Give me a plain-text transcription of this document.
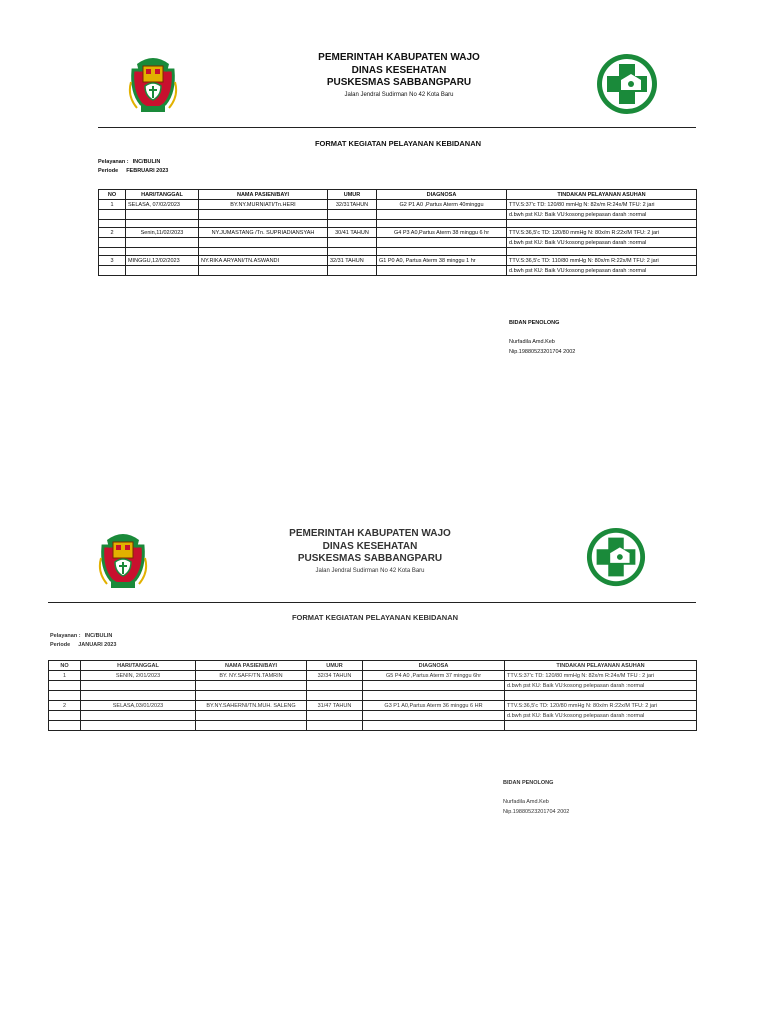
PEMERINTAH KABUPATEN WAJO
DINAS KESEHATAN
PUSKESMAS SABBANGPARU
Jalan Jendral Sudirman No 42 Kota Baru
FORMAT KEGIATAN PELAYANAN KEBIDANAN
Pelayanan : INC/BULIN
Periode FEBRUARI 2023
NO	HARI/TANGGAL	NAMA PASIEN/BAYI	UMUR	DIAGNOSA	TINDAKAN PELAYANAN ASUHAN
1	SELASA, 07/02/2023	BY.NY.MURNIATI/Tn.HERI	32/31TAHUN	G2 P1 A0 ,Partus Aterm 40minggu	TTV.S:37'c TD: 120/80 mmHg N: 82x/m R:24x/M TFU: 2 jari
					d.bwh pst KU: Baik VU:kosong pelepasan darah :normal

2	Senin,11/02/2023	NY.JUMASTANG /Tn. SUPRIADIANSYAH	30/41 TAHUN	G4 P3 A0,Partus Aterm 38 minggu 6 hr	TTV.S:36,5'c TD: 120/80 mmHg N: 80x/m R:22x/M TFU: 2 jari
					d.bwh pst KU: Baik VU:kosong pelepasan darah :normal

3	MINGGU,12/02/2023	NY.RIKA ARYANI/TN.ASWANDI	32/31 TAHUN	G1 P0 A0, Partus Aterm 38 minggu 1 hr	TTV.S:36,5'c TD: 110/80 mmHg N: 80x/m R:22x/M TFU: 2 jari
					d.bwh pst KU: Baik VU:kosong pelepasan darah :normal
BIDAN PENOLONG
Nurfadila Amd.Keb
Nip.19880523201704 2002
PEMERINTAH KABUPATEN WAJO
DINAS KESEHATAN
PUSKESMAS SABBANGPARU
Jalan Jendral Sudirman No 42 Kota Baru
FORMAT KEGIATAN PELAYANAN KEBIDANAN
Pelayanan : INC/BULIN
Periode JANUARI 2023
NO	HARI/TANGGAL	NAMA PASIEN/BAYI	UMUR	DIAGNOSA	TINDAKAN PELAYANAN ASUHAN
1	SENIN, 2/01/2023	BY. NY.SAFF/TN.TAMRIN	32/34 TAHUN	G5 P4 A0 ,Partus Aterm 37 minggu 6hr	TTV.S:37'c TD: 120/80 mmHg N: 82x/m R:24x/M TFU : 2 jari
					d.bwh pst KU: Baik VU:kosong pelepasan darah :normal

2	SELASA,03/01/2023	BY.NY.SAHERNI/TN.MUH. SALENG	31/47 TAHUN	G3 P1 A0,Partus Aterm 36 minggu 6 HR	TTV.S:36,5'c TD: 120/80 mmHg N: 80x/m R:22x/M TFU: 2 jari
					d.bwh pst KU: Baik VU:kosong pelepasan darah :normal

BIDAN PENOLONG
Nurfadila Amd.Keb
Nip.19880523201704 2002
